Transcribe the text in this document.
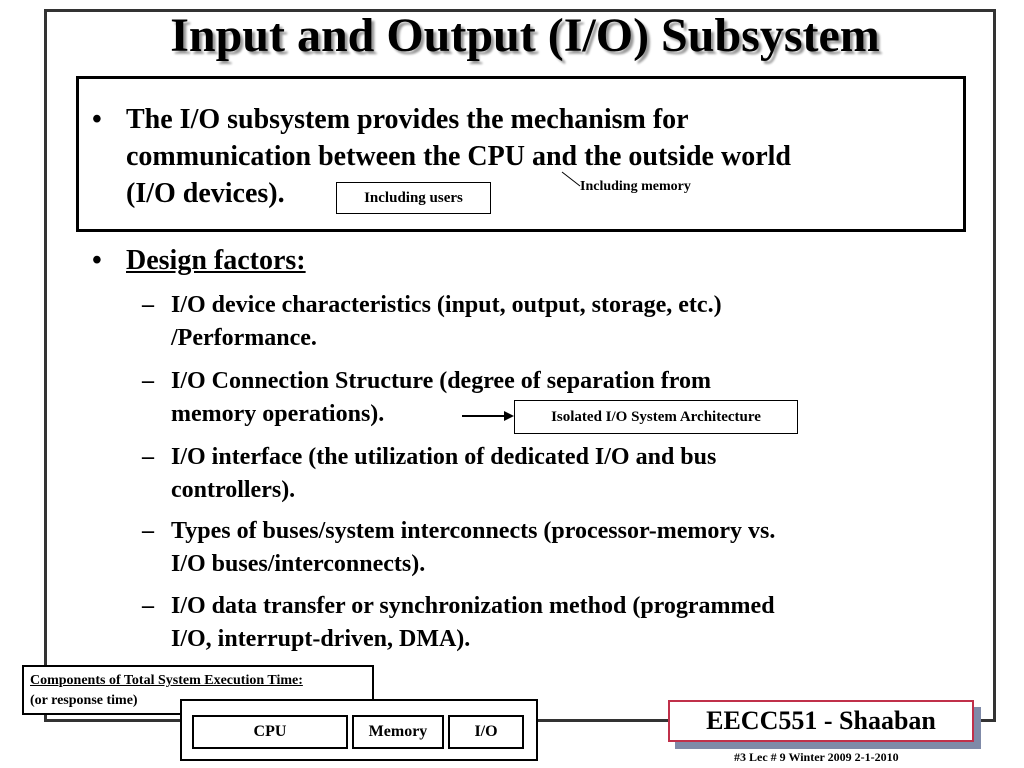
Input and Output (I/O) Subsystem
• The I/O subsystem provides the mechanism for
communication between the CPU and the outside world
(I/O devices).	Including users
Including memory
• Design factors:
– I/O device characteristics (input, output, storage, etc.)
/Performance.
– I/O Connection Structure (degree of separation from
memory operations).	Isolated I/O System Architecture
– I/O interface (the utilization of dedicated I/O and bus
controllers).
– Types of buses/system interconnects (processor-memory vs.
I/O buses/interconnects).
– I/O data transfer or synchronization method (programmed
I/O, interrupt-driven, DMA).
Components of Total System Execution Time:
(or response time)
CPU	Memory	I/O	EECC551 - Shaaban
#3 Lec # 9 Winter 2009 2-1-2010
